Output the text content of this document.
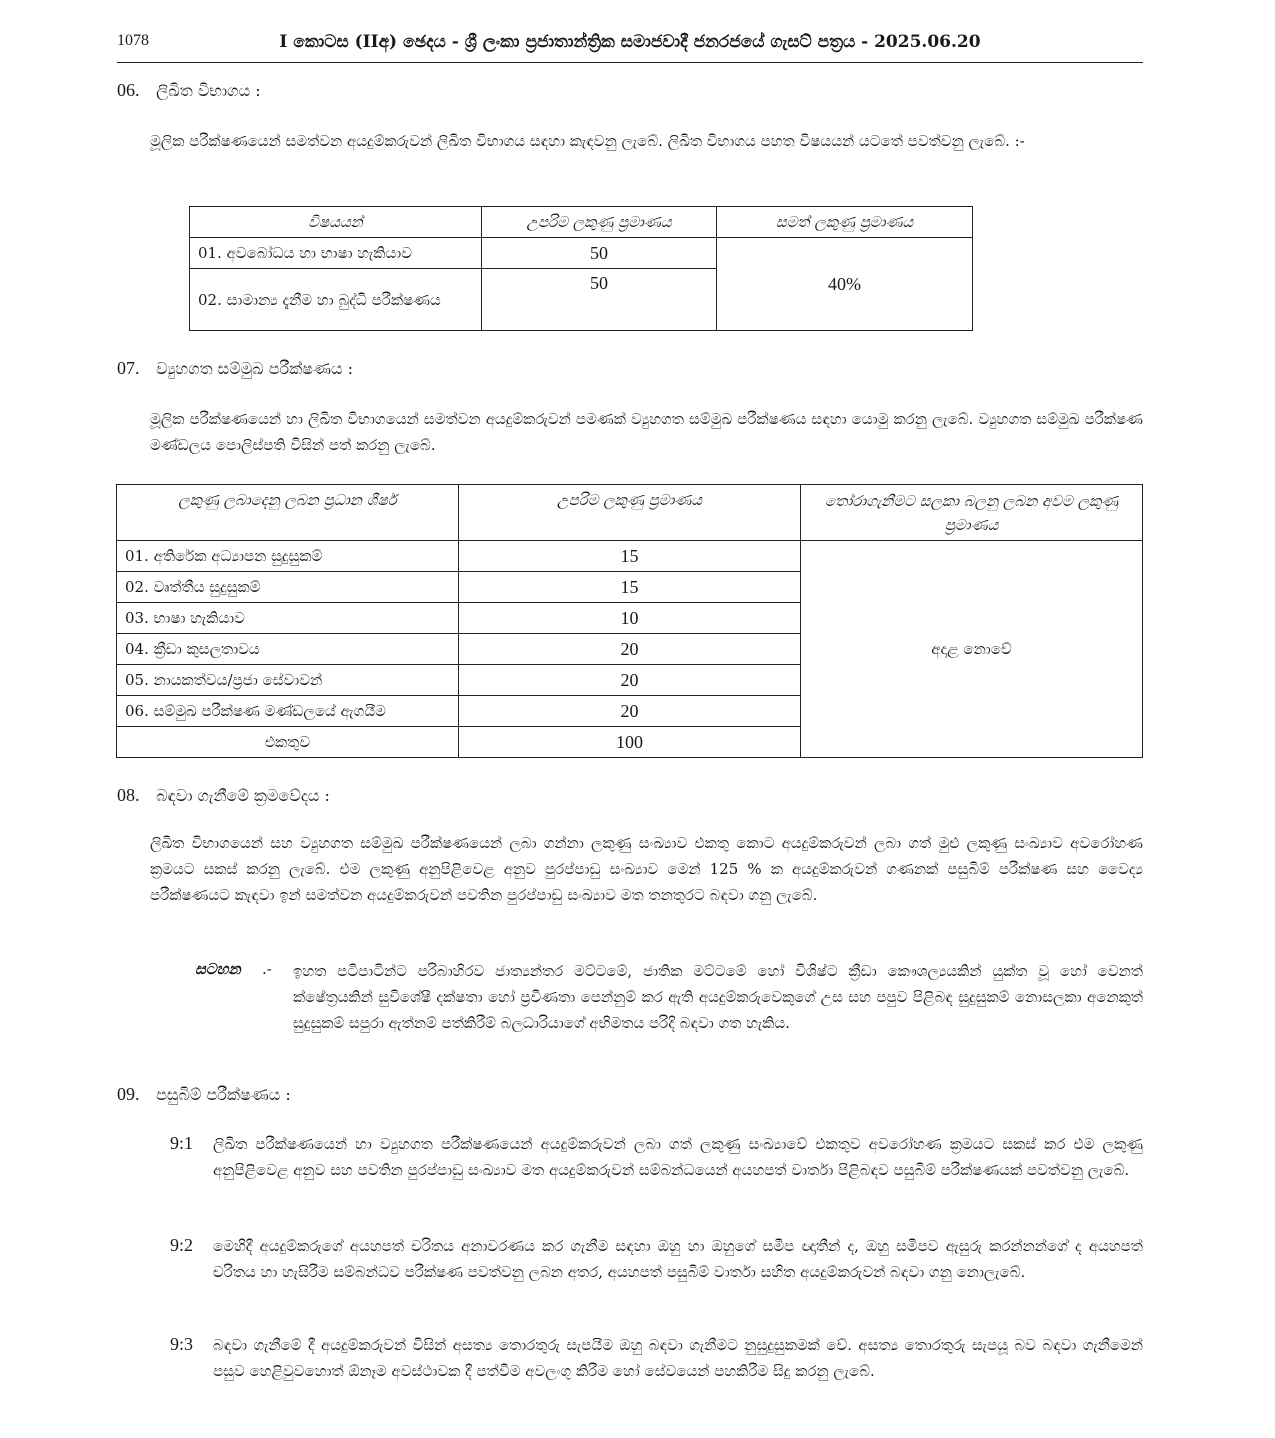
1078	I කොටස (IIඅ) ඡෙදය - ශ්‍රී ලංකා ප්‍රජාතාන්ත්‍රික සමාජවාදී ජනරජයේ ගැසට් පත්‍රය - 2025.06.20
06. ලිඛිත විභාගය :
මූලික පරීක්ෂණයෙන් සමත්වන අයදුම්කරුවන් ලිඛිත විභාගය සඳහා කැඳවනු ලැබේ. ලිඛිත විභාගය පහත විෂයයන් යටතේ පවත්වනු ලැබේ. :-
විෂයයන්	උපරිම ලකුණු ප්‍රමාණය	සමත් ලකුණු ප්‍රමාණය
01. අවබෝධය හා භාෂා හැකියාව	50	40%
02. සාමාන්‍ය දැනීම හා බුද්ධි පරීක්ෂණය	50	
07. ව්‍යුහගත සම්මුඛ පරීක්ෂණය :
මූලික පරීක්ෂණයෙන් හා ලිඛිත විභාගයෙන් සමත්වන අයදුම්කරුවන් පමණක් ව්‍යුහගත සම්මුඛ පරීක්ෂණය සඳහා යොමු කරනු ලැබේ. ව්‍යුහගත සම්මුඛ පරීක්ෂණ මණ්ඩලය පොලිස්පති විසින් පත් කරනු ලැබේ.
ලකුණු ලබාදෙනු ලබන ප්‍රධාන ශීර්ෂ	උපරිම ලකුණු ප්‍රමාණය	තෝරාගැනීමට සලකා බලනු ලබන අවම ලකුණු ප්‍රමාණය
01. අතිරේක අධ්‍යාපන සුදුසුකම්	15	අදාළ නොවේ
02. වෘත්තීය සුදුසුකම්	15	
03. භාෂා හැකියාව	10	
04. ක්‍රීඩා කුසලතාවය	20	
05. නායකත්වය/ප්‍රජා සේවාවන්	20	
06. සම්මුඛ පරීක්ෂණ මණ්ඩලයේ ඇගයීම	20	
එකතුව	100	
08. බඳවා ගැනීමේ ක්‍රමවේදය :
ලිඛිත විභාගයෙන් සහ ව්‍යුහගත සම්මුඛ පරීක්ෂණයෙන් ලබා ගන්නා ලකුණු සංඛ්‍යාව එකතු කොට අයදුම්කරුවන් ලබා ගත් මුළු ලකුණු සංඛ්‍යාව අවරෝහණ ක්‍රමයට සකස් කරනු ලැබේ. එම ලකුණු අනුපිළිවෙළ අනුව පුරප්පාඩු සංඛ්‍යාව මෙන් 125 % ක අයදුම්කරුවන් ගණනක් පසුබිම් පරීක්ෂණ සහ වෛද්‍ය පරීක්ෂණයට කැඳවා ඉන් සමත්වන අයදුම්කරුවන් පවතින පුරප්පාඩු සංඛ්‍යාව මත තනතුරට බඳවා ගනු ලැබේ.
සටහන .- ඉහත පටිපාටින්ට පරිබාහිරව ජාත්‍යන්තර මට්ටමේ, ජාතික මට්ටමේ හෝ විශිෂ්ට ක්‍රීඩා කෞශල්‍යයකින් යුක්ත වූ හෝ වෙනත් ක්ෂේත්‍රයකින් සුවිශේෂී දක්ෂතා හෝ ප්‍රවීණතා පෙන්නුම් කර ඇති අයදුම්කරුවෙකුගේ උස සහ පපුව පිළිබඳ සුදුසුකම් නොසලකා අනෙකුත් සුදුසුකම් සපුරා ඇත්නම් පත්කිරීම් බලධාරියාගේ අභිමතය පරිදි බඳවා ගත හැකිය.
09. පසුබිම් පරීක්ෂණය :
9:1 ලිඛිත පරීක්ෂණයෙන් හා ව්‍යුහගත පරීක්ෂණයෙන් අයදුම්කරුවන් ලබා ගත් ලකුණු සංඛ්‍යාවේ එකතුව අවරෝහණ ක්‍රමයට සකස් කර එම ලකුණු අනුපිළිවෙළ අනුව සහ පවතින පුරප්පාඩු සංඛ්‍යාව මත අයදුම්කරුවන් සම්බන්ධයෙන් අයහපත් වාර්තා පිළිබඳව පසුබිම් පරීක්ෂණයක් පවත්වනු ලැබේ.
9:2 මෙහිදී අයදුම්කරුගේ අයහපත් චරිතය අනාවරණය කර ගැනීම සඳහා ඔහු හා ඔහුගේ සමීප ඥාතීන් ද, ඔහු සමීපව ඇසුරු කරන්නන්ගේ ද අයහපත් චරිතය හා හැසිරීම සම්බන්ධව පරීක්ෂණ පවත්වනු ලබන අතර, අයහපත් පසුබිම් වාර්තා සහිත අයදුම්කරුවන් බඳවා ගනු නොලැබේ.
9:3 බඳවා ගැනීමේ දී අයදුම්කරුවන් විසින් අසත්‍ය තොරතුරු සැපයීම ඔහු බඳවා ගැනීමට නුසුදුසුකමක් වේ. අසත්‍ය තොරතුරු සැපයූ බව බඳවා ගැනීමෙන් පසුව හෙළිවුවහොත් ඕනෑම අවස්ථාවක දී පත්වීම අවලංගු කිරීම හෝ සේවයෙන් පහකිරීම සිදු කරනු ලැබේ.
